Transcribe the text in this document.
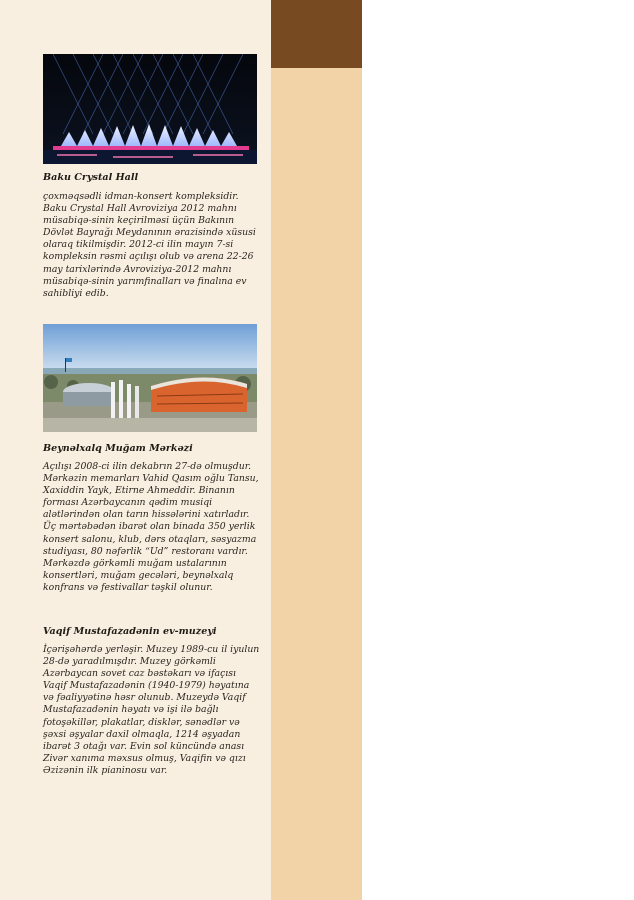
Baku Crystal Hall
çoxməqsədli idman-konsert kompleksidir. Baku Crystal Hall Avroviziya 2012 mahnı müsabiqə-sinin keçirilməsi üçün Bakının Dövlət Bayrağı Meydanının ərazisində xüsusi olaraq tikilmişdir. 2012-ci ilin mayın 7-si kompleksin rəsmi açılışı olub və arena 22-26 may tarixlərində Avroviziya-2012 mahnı müsabiqə-sinin yarımfinalları və finalına ev sahibliyi edib.
Beynəlxalq Muğam Mərkəzi
Açılışı 2008-ci ilin dekabrın 27-də olmuşdur. Mərkəzin memarları Vahid Qasım oğlu Tansu, Xaxiddin Yayk, Etirne Ahmeddir. Binanın forması Azərbaycanın qədim musiqi alətlərindən olan tarın hissələrini xatırladır. Üç mərtəbədən ibarət olan binada 350 yerlik konsert salonu, klub, dərs otaqları, səsyazma studiyası, 80 nəfərlik “Ud” restoranı vardır. Mərkəzdə görkəmli muğam ustalarının konsertləri, muğam gecələri, beynəlxalq konfrans və festivallar təşkil olunur.
Vaqif Mustafazadənin ev-muzeyi
İçərişəhərdə yerləşir. Muzey 1989-cu il iyulun 28-də yaradılmışdır. Muzey görkəmli Azərbaycan sovet caz bəstəkarı və ifaçısı Vaqif Mustafazadənin (1940-1979) həyatına və fəaliyyətinə həsr olunub. Muzeydə Vaqif Mustafazadənin həyatı və işi ilə bağlı fotoşəkillər, plakatlar, disklər, sənədlər və şəxsi əşyalar daxil olmaqla, 1214 əşyadan ibarət 3 otağı var. Evin sol küncündə anası Zivər xanıma məxsus olmuş, Vaqifin və qızı Əzizənin ilk pianinosu var.
